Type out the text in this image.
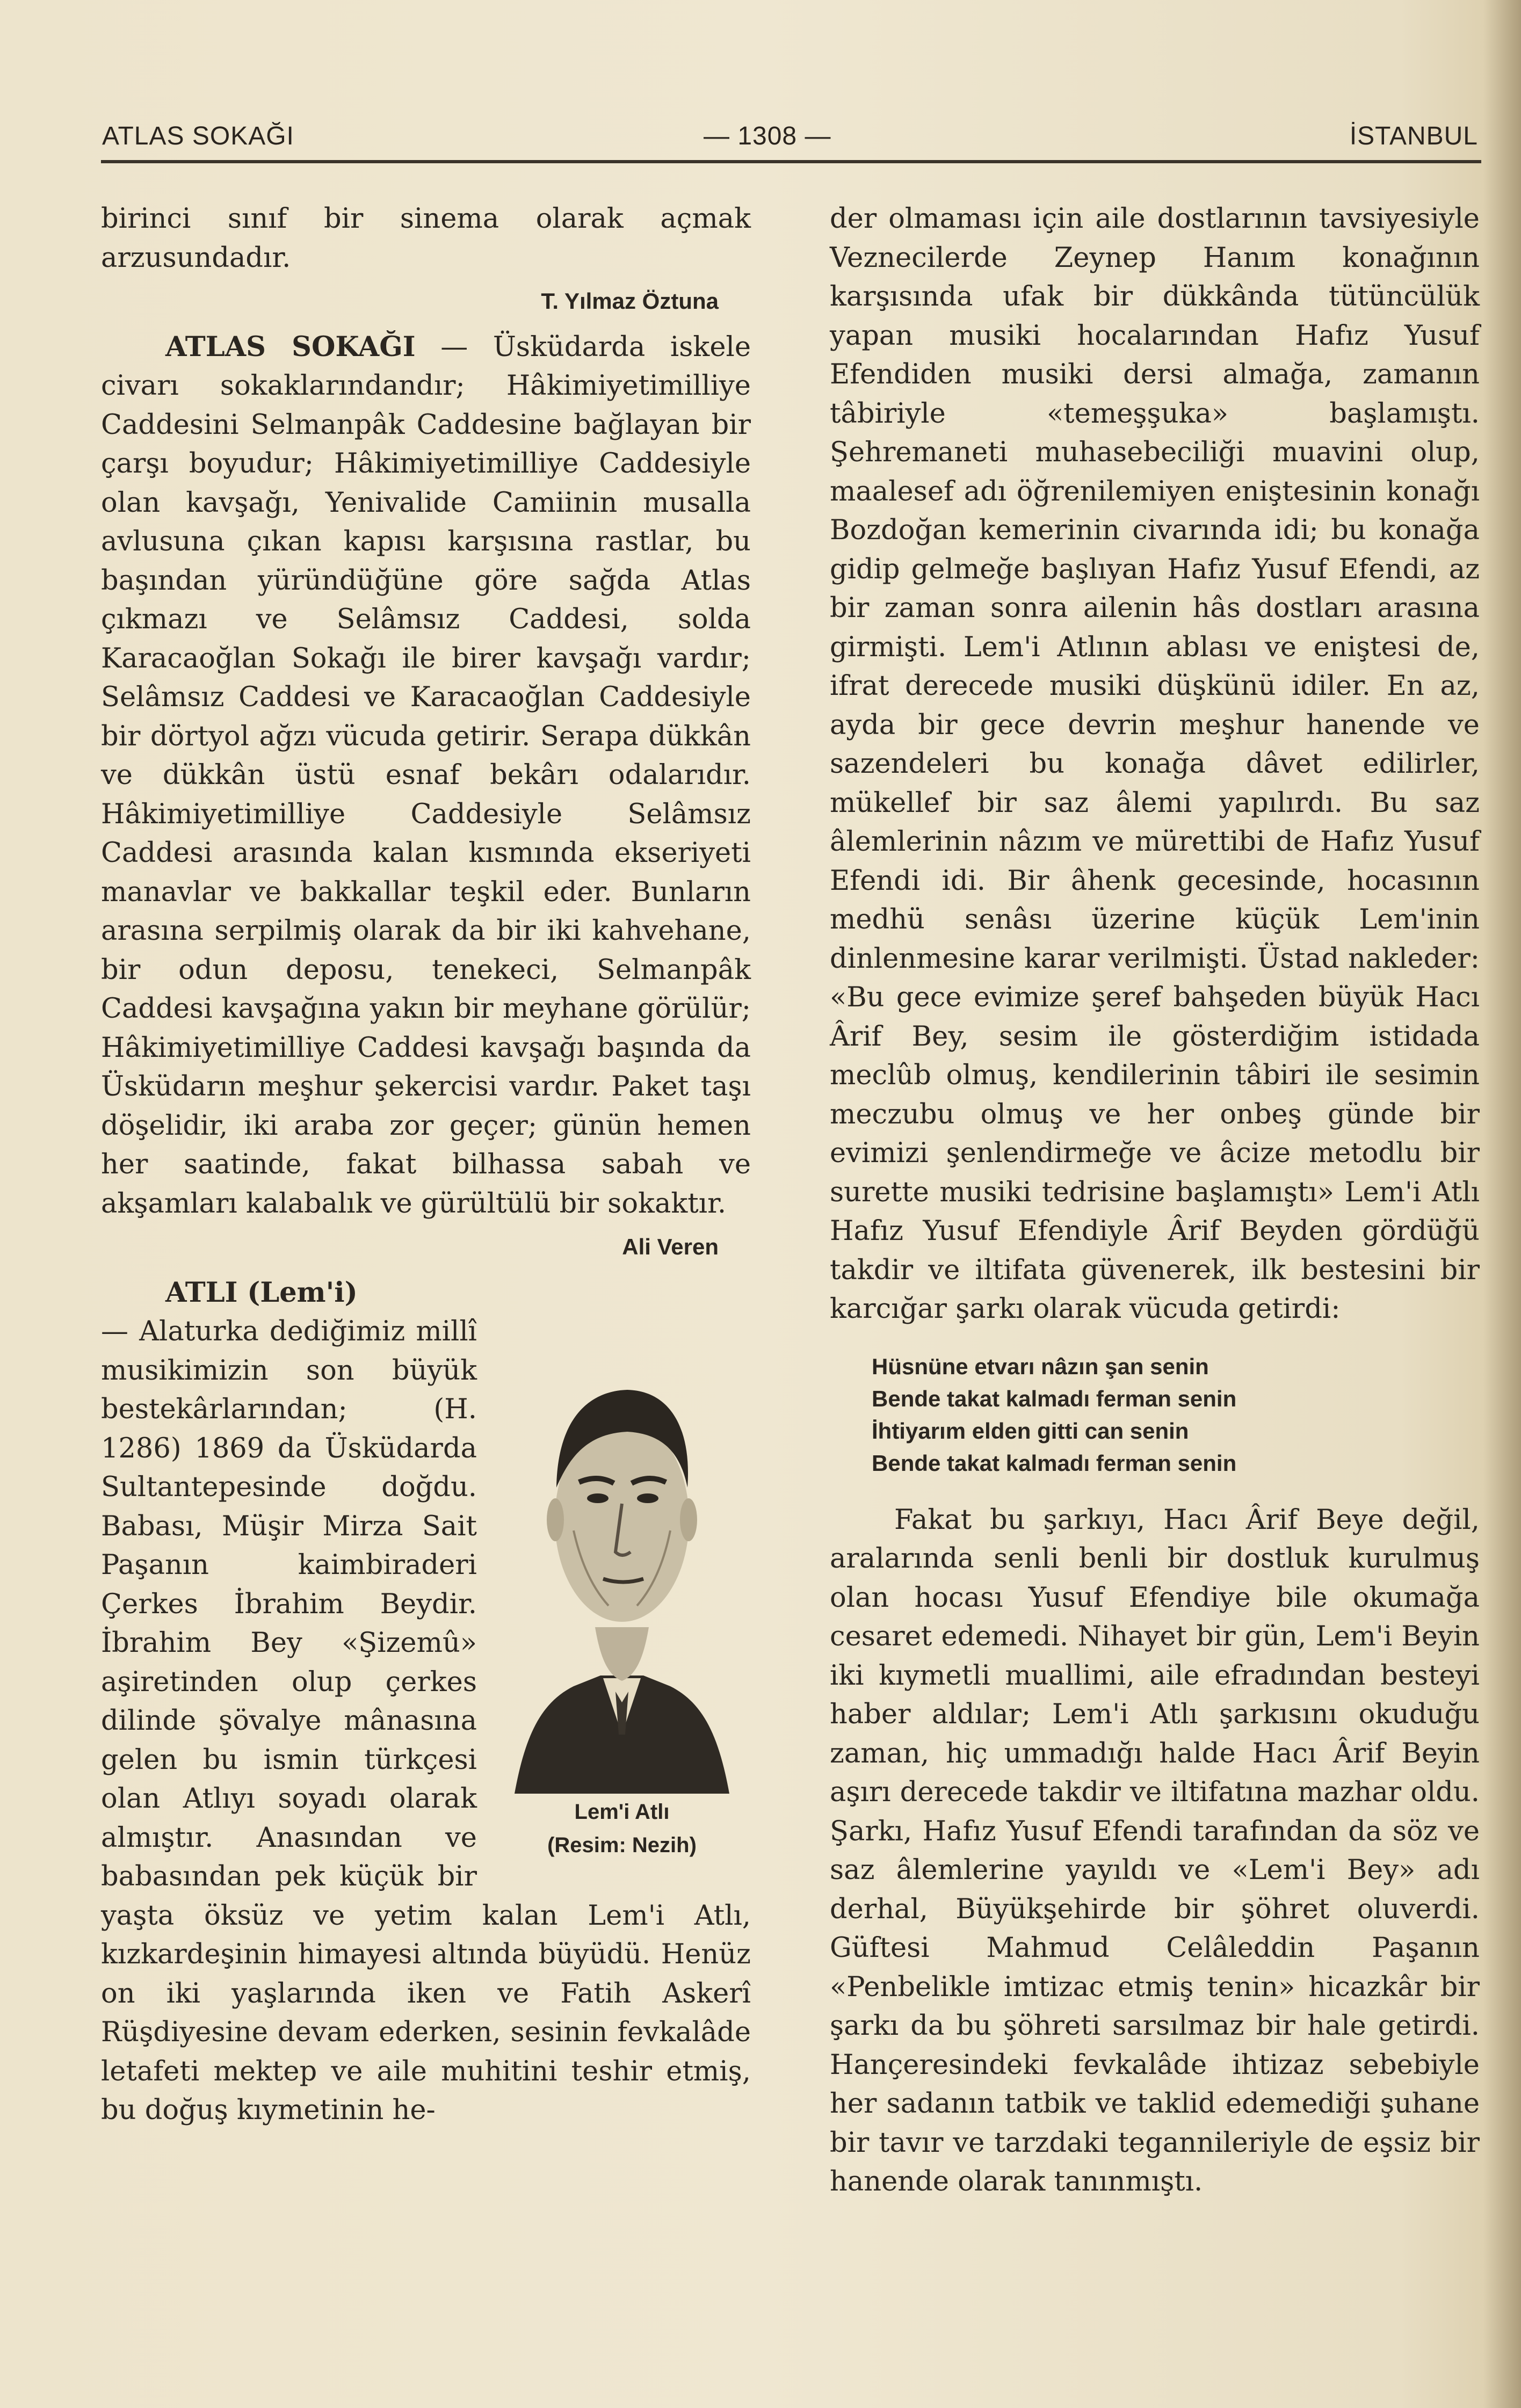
ATLAS SOKAĞI	— 1308 —	İSTANBUL

birinci sınıf bir sinema olarak açmak arzusundadır.

T. Yılmaz Öztuna

ATLAS SOKAĞI — Üsküdarda iskele civarı sokaklarındandır; Hâkimiyetimilliye Caddesini Selmanpâk Caddesine bağlayan bir çarşı boyudur; Hâkimiyetimilliye Caddesiyle olan kavşağı, Yenivalide Camiinin musalla avlusuna çıkan kapısı karşısına rastlar, bu başından yüründüğüne göre sağda Atlas çıkmazı ve Selâmsız Caddesi, solda Karacaoğlan Sokağı ile birer kavşağı vardır; Selâmsız Caddesi ve Karacaoğlan Caddesiyle bir dörtyol ağzı vücuda getirir. Serapa dükkân ve dükkân üstü esnaf bekârı odalarıdır. Hâkimiyetimilliye Caddesiyle Selâmsız Caddesi arasında kalan kısmında ekseriyeti manavlar ve bakkallar teşkil eder. Bunların arasına serpilmiş olarak da bir iki kahvehane, bir odun deposu, tenekeci, Selmanpâk Caddesi kavşağına yakın bir meyhane görülür; Hâkimiyetimilliye Caddesi kavşağı başında da Üsküdarın meşhur şekercisi vardır. Paket taşı döşelidir, iki araba zor geçer; günün hemen her saatinde, fakat bilhassa sabah ve akşamları kalabalık ve gürültülü bir sokaktır.

Ali Veren

ATLI (Lem'i)

Lem'i Atlı
(Resim: Nezih)

— Alaturka dediğimiz millî musikimizin son büyük bestekârlarından; (H. 1286) 1869 da Üsküdarda Sultantepesinde doğdu. Babası, Müşir Mirza Sait Paşanın kaimbiraderi Çerkes İbrahim Beydir. İbrahim Bey «Şizemû» aşiretinden olup çerkes dilinde şövalye mânasına gelen bu ismin türkçesi olan Atlıyı soyadı olarak almıştır. Anasından ve babasından pek küçük bir yaşta öksüz ve yetim kalan Lem'i Atlı, kızkardeşinin himayesi altında büyüdü. Henüz on iki yaşlarında iken ve Fatih Askerî Rüşdiyesine devam ederken, sesinin fevkalâde letafeti mektep ve aile muhitini teshir etmiş, bu doğuş kıymetinin he-

der olmaması için aile dostlarının tavsiyesiyle Veznecilerde Zeynep Hanım konağının karşısında ufak bir dükkânda tütüncülük yapan musiki hocalarından Hafız Yusuf Efendiden musiki dersi almağa, zamanın tâbiriyle «temeşşuka» başlamıştı. Şehremaneti muhasebeciliği muavini olup, maalesef adı öğrenilemiyen eniştesinin konağı Bozdoğan kemerinin civarında idi; bu konağa gidip gelmeğe başlıyan Hafız Yusuf Efendi, az bir zaman sonra ailenin hâs dostları arasına girmişti. Lem'i Atlının ablası ve eniştesi de, ifrat derecede musiki düşkünü idiler. En az, ayda bir gece devrin meşhur hanende ve sazendeleri bu konağa dâvet edilirler, mükellef bir saz âlemi yapılırdı. Bu saz âlemlerinin nâzım ve mürettibi de Hafız Yusuf Efendi idi. Bir âhenk gecesinde, hocasının medhü senâsı üzerine küçük Lem'inin dinlenmesine karar verilmişti. Üstad nakleder: «Bu gece evimize şeref bahşeden büyük Hacı Ârif Bey, sesim ile gösterdiğim istidada meclûb olmuş, kendilerinin tâbiri ile sesimin meczubu olmuş ve her onbeş günde bir evimizi şenlendirmeğe ve âcize metodlu bir surette musiki tedrisine başlamıştı» Lem'i Atlı Hafız Yusuf Efendiyle Ârif Beyden gördüğü takdir ve iltifata güvenerek, ilk bestesini bir karcığar şarkı olarak vücuda getirdi:

Hüsnüne etvarı nâzın şan senin
Bende takat kalmadı ferman senin
İhtiyarım elden gitti can senin
Bende takat kalmadı ferman senin

Fakat bu şarkıyı, Hacı Ârif Beye değil, aralarında senli benli bir dostluk kurulmuş olan hocası Yusuf Efendiye bile okumağa cesaret edemedi. Nihayet bir gün, Lem'i Beyin iki kıymetli muallimi, aile efradından besteyi haber aldılar; Lem'i Atlı şarkısını okuduğu zaman, hiç ummadığı halde Hacı Ârif Beyin aşırı derecede takdir ve iltifatına mazhar oldu. Şarkı, Hafız Yusuf Efendi tarafından da söz ve saz âlemlerine yayıldı ve «Lem'i Bey» adı derhal, Büyükşehirde bir şöhret oluverdi. Güftesi Mahmud Celâleddin Paşanın «Penbelikle imtizac etmiş tenin» hicazkâr bir şarkı da bu şöhreti sarsılmaz bir hale getirdi. Hançeresindeki fevkalâde ihtizaz sebebiyle her sadanın tatbik ve taklid edemediği şuhane bir tavır ve tarzdaki tegannileriyle de eşsiz bir hanende olarak tanınmıştı.
